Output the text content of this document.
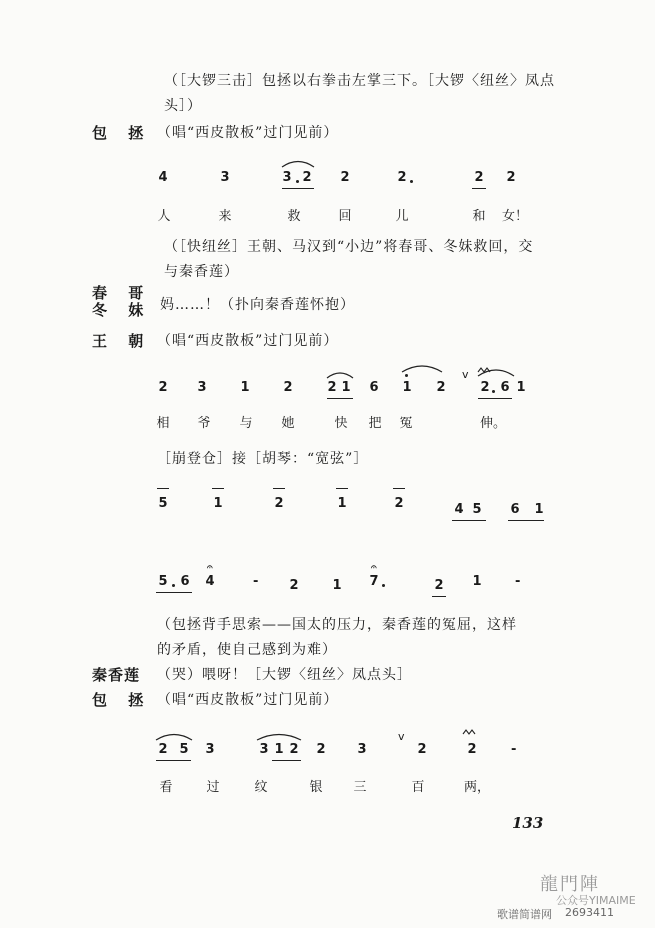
（［大锣三击］包拯以右拳击左掌三下。［大锣〈纽丝〉凤点
头］）
包 拯 （唱“西皮散板”过门见前）
4	3	3 2 2	2	2 2
人	来	救	回	儿	和 女！
（［快纽丝］王朝、马汉到“小边”将春哥、冬妹救回，交
与秦香莲）
春 哥
冬 妹 妈……！（扑向秦香莲怀抱）
王 朝 （唱“西皮散板”过门见前）
2 3	1	2	2 1 6 1 2	2 6 1
v
相 爷 与 她	快 把 冤	伸。
［崩登仓］接［胡琴：“宽弦”］
5	1	2	1	2	4 5 6 1
5 6 4	- 2	1 7	2 1	-
𝄐	𝄐
（包拯背手思索——国太的压力，秦香莲的冤屈，这样
的矛盾，使自己感到为难）
秦香莲 （哭）喂呀！［大锣〈纽丝〉凤点头］
包 拯 （唱“西皮散板”过门见前）
2 5 3	3 1 2 2 3	2	2	-
v
看	过	纹	银 三	百	两，
133
龍門陣
公众号YIMAIME
歌谱简谱网 2693411
